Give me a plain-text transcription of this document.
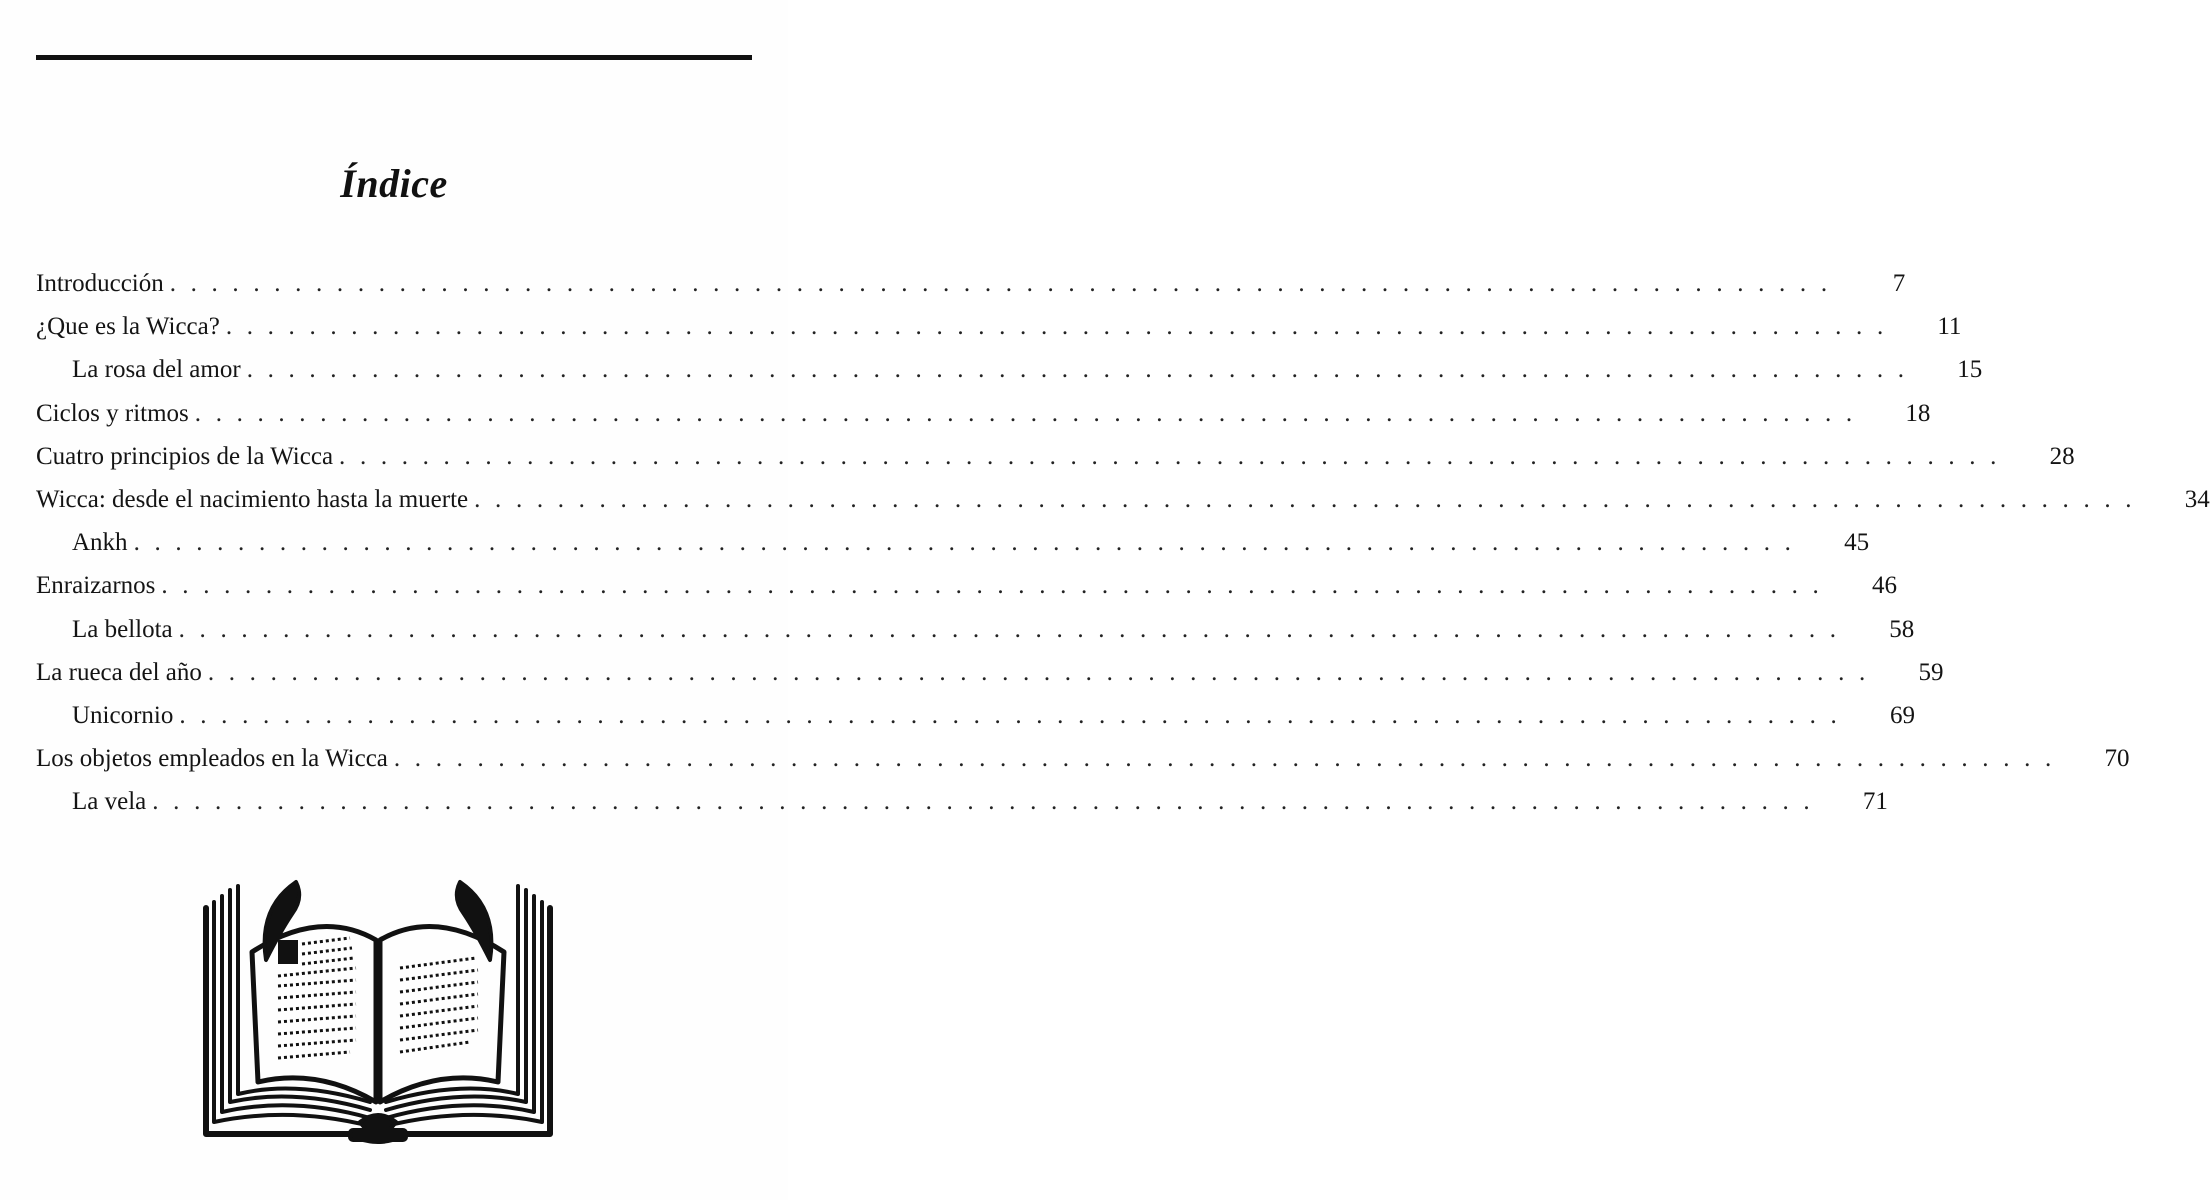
Índice
Introducción . . . . . . . . . . . . . . . . . . . . . . . . . . . . . . . . . . . . . . . . . . . . . . . . . . . . . . . . . . . . . . . . . . . . . . . . . . . . . . . .	7
¿Que es la Wicca? . . . . . . . . . . . . . . . . . . . . . . . . . . . . . . . . . . . . . . . . . . . . . . . . . . . . . . . . . . . . . . . . . . . . . . . . . . . . . . . .	11
La rosa del amor . . . . . . . . . . . . . . . . . . . . . . . . . . . . . . . . . . . . . . . . . . . . . . . . . . . . . . . . . . . . . . . . . . . . . . . . . . . . . . . .	15
Ciclos y ritmos . . . . . . . . . . . . . . . . . . . . . . . . . . . . . . . . . . . . . . . . . . . . . . . . . . . . . . . . . . . . . . . . . . . . . . . . . . . . . . . .	18
Cuatro principios de la Wicca . . . . . . . . . . . . . . . . . . . . . . . . . . . . . . . . . . . . . . . . . . . . . . . . . . . . . . . . . . . . . . . . . . . . . . . . . . . . . . . .	28
Wicca: desde el nacimiento hasta la muerte . . . . . . . . . . . . . . . . . . . . . . . . . . . . . . . . . . . . . . . . . . . . . . . . . . . . . . . . . . . . . . . . . . . . . . . . . . . . . . . .	34
Ankh . . . . . . . . . . . . . . . . . . . . . . . . . . . . . . . . . . . . . . . . . . . . . . . . . . . . . . . . . . . . . . . . . . . . . . . . . . . . . . . .	45
Enraizarnos . . . . . . . . . . . . . . . . . . . . . . . . . . . . . . . . . . . . . . . . . . . . . . . . . . . . . . . . . . . . . . . . . . . . . . . . . . . . . . . .	46
La bellota . . . . . . . . . . . . . . . . . . . . . . . . . . . . . . . . . . . . . . . . . . . . . . . . . . . . . . . . . . . . . . . . . . . . . . . . . . . . . . . .	58
La rueca del año . . . . . . . . . . . . . . . . . . . . . . . . . . . . . . . . . . . . . . . . . . . . . . . . . . . . . . . . . . . . . . . . . . . . . . . . . . . . . . . .	59
Unicornio . . . . . . . . . . . . . . . . . . . . . . . . . . . . . . . . . . . . . . . . . . . . . . . . . . . . . . . . . . . . . . . . . . . . . . . . . . . . . . . .	69
Los objetos empleados en la Wicca . . . . . . . . . . . . . . . . . . . . . . . . . . . . . . . . . . . . . . . . . . . . . . . . . . . . . . . . . . . . . . . . . . . . . . . . . . . . . . . .	70
La vela . . . . . . . . . . . . . . . . . . . . . . . . . . . . . . . . . . . . . . . . . . . . . . . . . . . . . . . . . . . . . . . . . . . . . . . . . . . . . . . .	71
